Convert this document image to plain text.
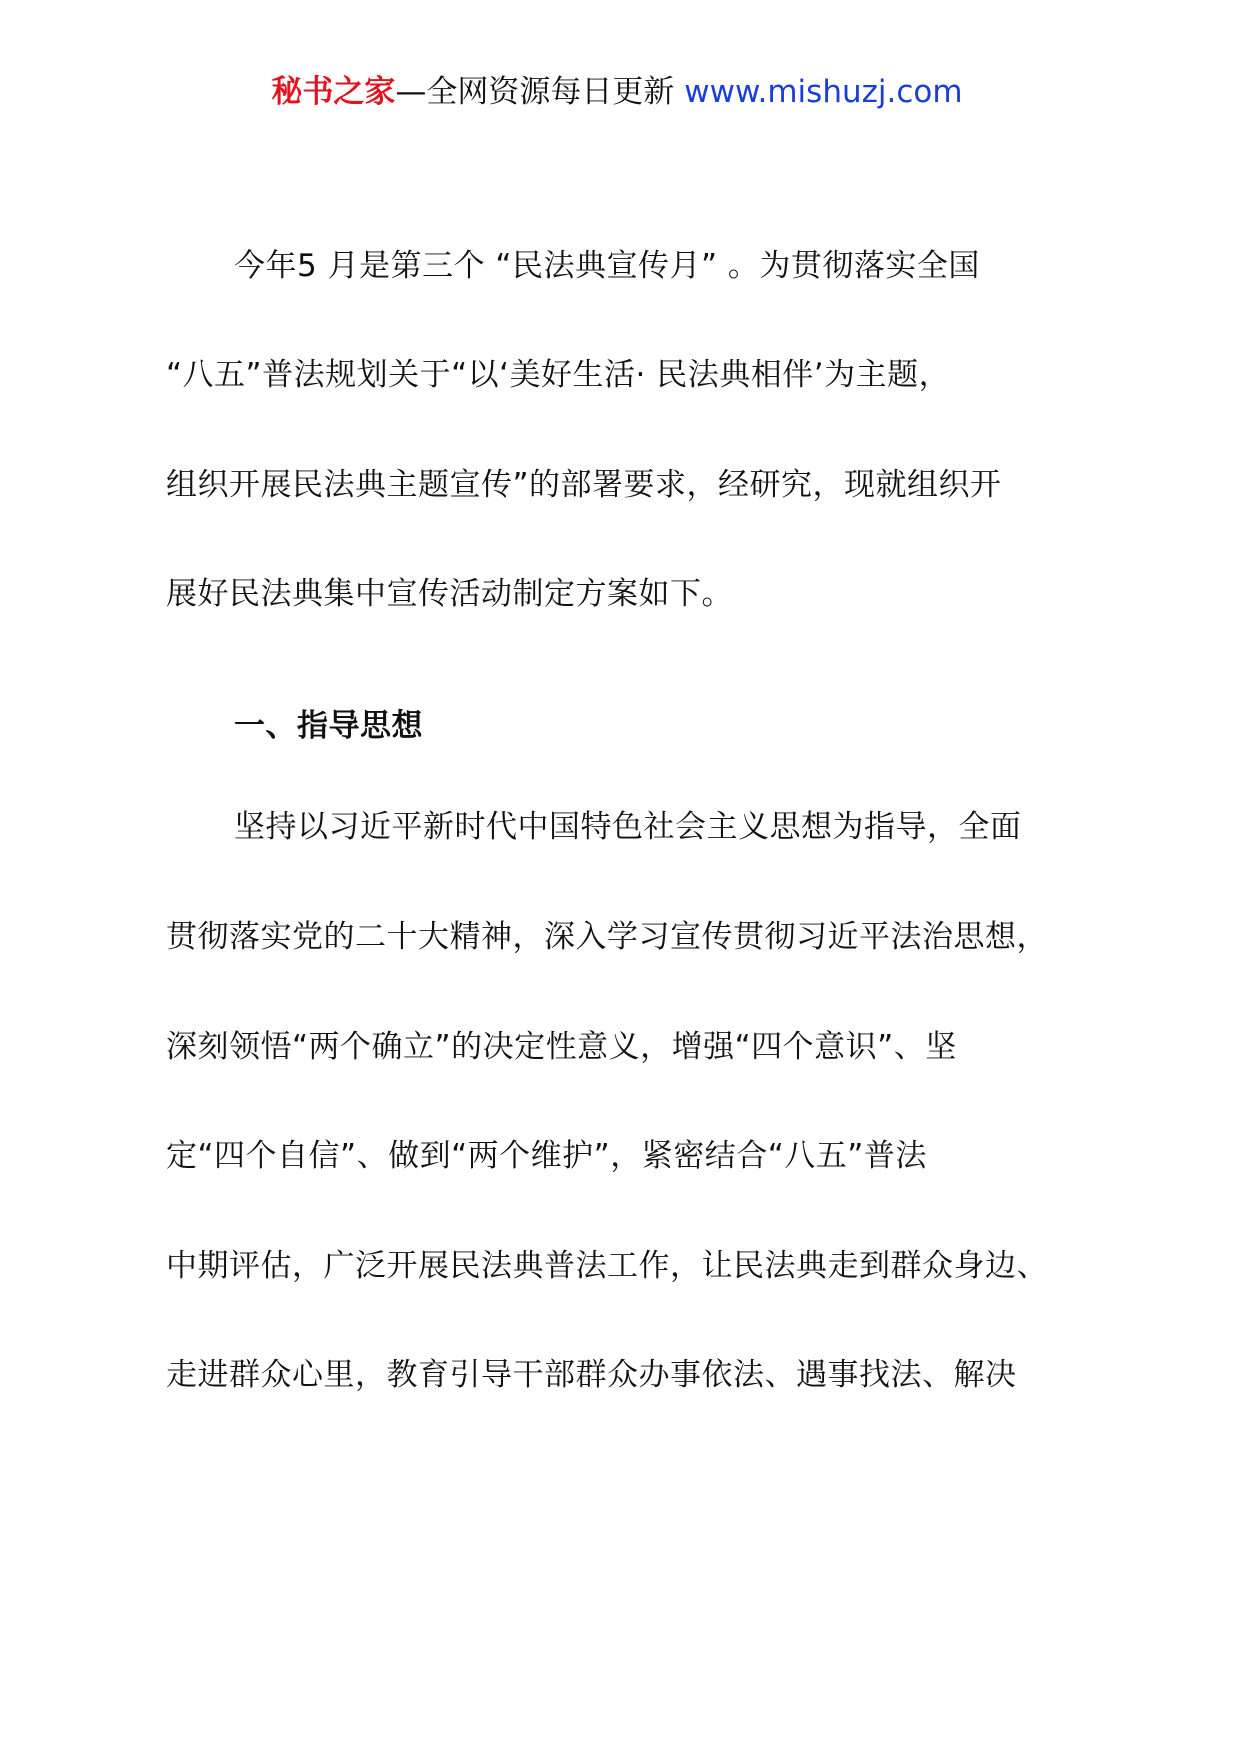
秘书之家—全网资源每日更新 www.mishuzj.com
今年5 月是第三个 “民法典宣传月” 。为贯彻落实全国
“八五”普法规划关于“以‘美好生活· 民法典相伴’为主题，
组织开展民法典主题宣传”的部署要求，经研究，现就组织开
展好民法典集中宣传活动制定方案如下。
一、指导思想
坚持以习近平新时代中国特色社会主义思想为指导，全面
贯彻落实党的二十大精神，深入学习宣传贯彻习近平法治思想，
深刻领悟“两个确立”的决定性意义，增强“四个意识”、坚
定“四个自信”、做到“两个维护”，紧密结合“八五”普法
中期评估，广泛开展民法典普法工作，让民法典走到群众身边、
走进群众心里，教育引导干部群众办事依法、遇事找法、解决
